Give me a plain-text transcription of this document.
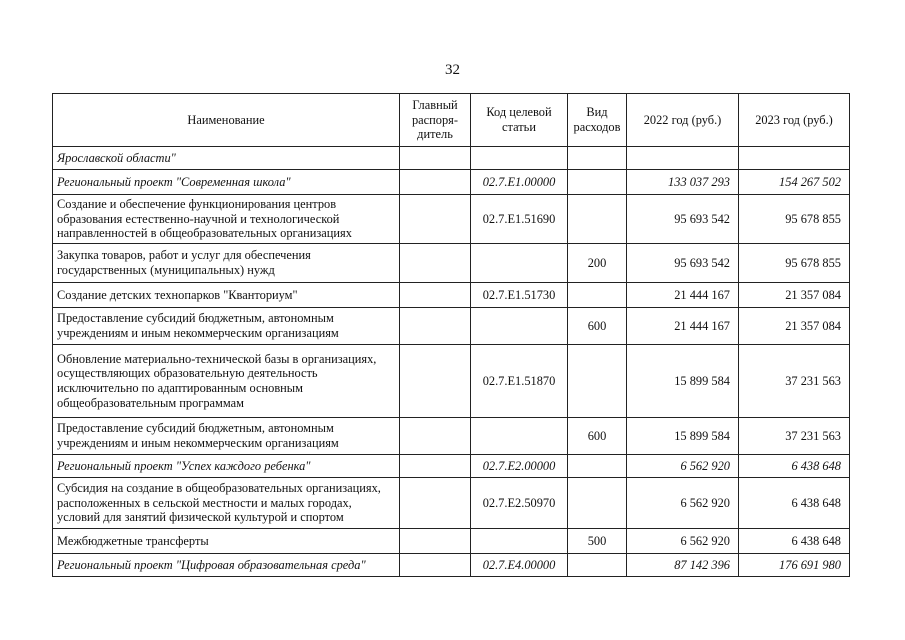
32
Наименование	Главный распоря-дитель	Код целевой статьи	Вид расходов	2022 год (руб.)	2023 год (руб.)
Ярославской области"					
Региональный проект "Современная школа"		02.7.E1.00000		133 037 293	154 267 502
Создание и обеспечение функционирования центров образования естественно-научной и технологической направленностей в общеобразовательных организациях		02.7.E1.51690		95 693 542	95 678 855
Закупка товаров, работ и услуг для обеспечения государственных (муниципальных) нужд			200	95 693 542	95 678 855
Создание детских технопарков "Кванториум"		02.7.E1.51730		21 444 167	21 357 084
Предоставление субсидий бюджетным, автономным учреждениям и иным некоммерческим организациям			600	21 444 167	21 357 084
Обновление материально-технической базы в организациях, осуществляющих образовательную деятельность исключительно по адаптированным основным общеобразовательным программам		02.7.E1.51870		15 899 584	37 231 563
Предоставление субсидий бюджетным, автономным учреждениям и иным некоммерческим организациям			600	15 899 584	37 231 563
Региональный проект "Успех каждого ребенка"		02.7.E2.00000		6 562 920	6 438 648
Субсидия на создание в общеобразовательных организациях, расположенных в сельской местности и малых городах, условий для занятий физической культурой и спортом		02.7.E2.50970		6 562 920	6 438 648
Межбюджетные трансферты			500	6 562 920	6 438 648
Региональный проект "Цифровая образовательная среда"		02.7.E4.00000		87 142 396	176 691 980
